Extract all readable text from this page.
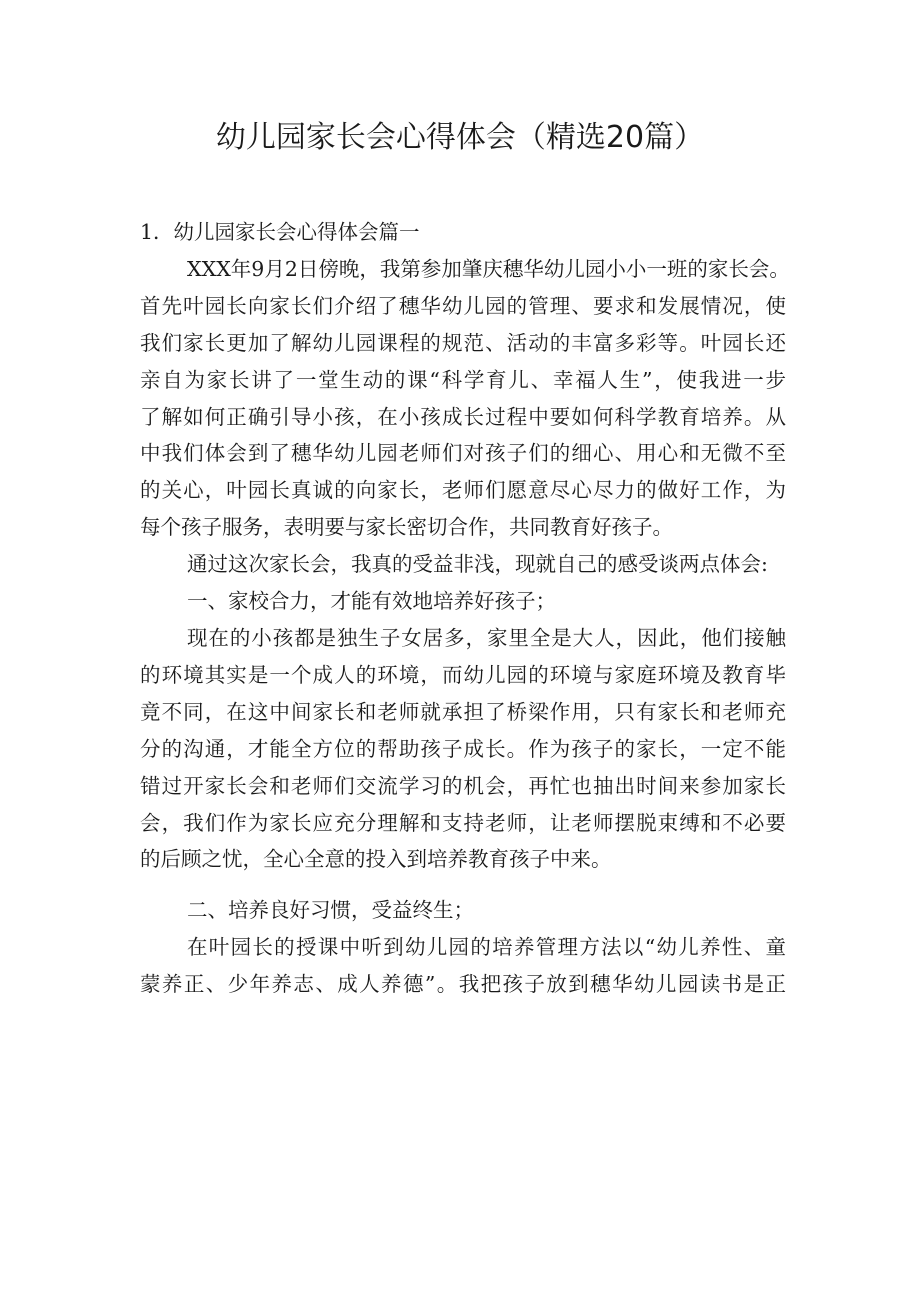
幼儿园家长会心得体会（精选20篇）

1．幼儿园家长会心得体会篇一

XXX年9月2日傍晚，我第参加肇庆穗华幼儿园小小一班的家长会。

首先叶园长向家长们介绍了穗华幼儿园的管理、要求和发展情况，使

我们家长更加了解幼儿园课程的规范、活动的丰富多彩等。叶园长还

亲自为家长讲了一堂生动的课“科学育儿、幸福人生”，使我进一步

了解如何正确引导小孩，在小孩成长过程中要如何科学教育培养。从

中我们体会到了穗华幼儿园老师们对孩子们的细心、用心和无微不至

的关心，叶园长真诚的向家长，老师们愿意尽心尽力的做好工作，为

每个孩子服务，表明要与家长密切合作，共同教育好孩子。

通过这次家长会，我真的受益非浅，现就自己的感受谈两点体会:

一、家校合力，才能有效地培养好孩子；

现在的小孩都是独生子女居多，家里全是大人，因此，他们接触

的环境其实是一个成人的环境，而幼儿园的环境与家庭环境及教育毕

竟不同，在这中间家长和老师就承担了桥梁作用，只有家长和老师充

分的沟通，才能全方位的帮助孩子成长。作为孩子的家长，一定不能

错过开家长会和老师们交流学习的机会，再忙也抽出时间来参加家长

会，我们作为家长应充分理解和支持老师，让老师摆脱束缚和不必要

的后顾之忧，全心全意的投入到培养教育孩子中来。

二、培养良好习惯，受益终生；

在叶园长的授课中听到幼儿园的培养管理方法以“幼儿养性、童

蒙养正、少年养志、成人养德”。我把孩子放到穗华幼儿园读书是正
